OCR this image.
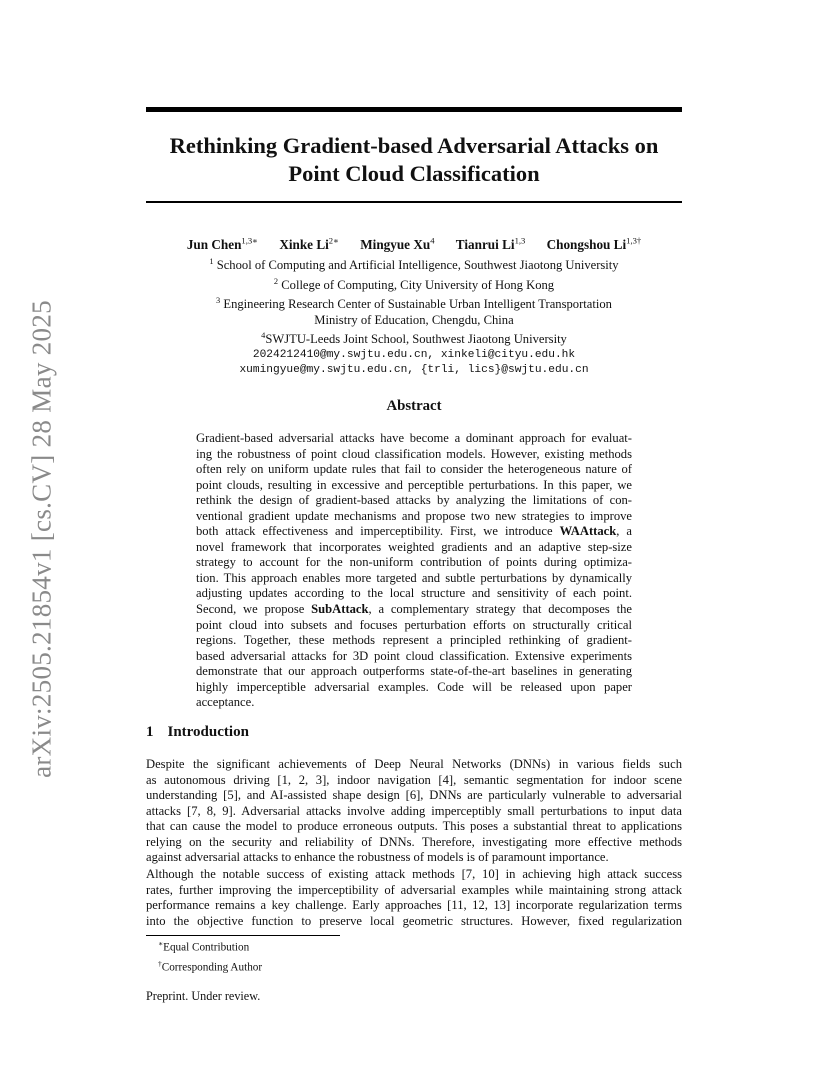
arXiv:2505.21854v1 [cs.CV] 28 May 2025
Rethinking Gradient-based Adversarial Attacks on
Point Cloud Classification
Jun Chen$^{1,3∗}$ Xinke $Li^{2∗}$ Mingyue Xu$^4$ Tianrui Li$^{1,3}$ Chongshou $Li^{1,3\dagger}$
$^1$ School of Computing and Artificial Intelligence, Southwest Jiaotong University
$^2$ College of Computing, City University of Hong Kong
$^3$ Engineering Research Center of Sustainable Urban Intelligent Transportation
Ministry of Education, Chengdu, China
$^4$SWJTU-Leeds Joint School, Southwest Jiaotong University
2024212410@my.swjtu.edu.cn, xinkeli@cityu.edu.hk
xumingyue@my.swjtu.edu.cn, {trli, lics}@swjtu.edu.cn
Abstract
Gradient-based adversarial attacks have become a dominant approach for evaluat-
ing the robustness of point cloud classification models. However, existing methods
often rely on uniform update rules that fail to consider the heterogeneous nature of
point clouds, resulting in excessive and perceptible perturbations. In this paper, we
rethink the design of gradient-based attacks by analyzing the limitations of con-
ventional gradient update mechanisms and propose two new strategies to improve
both attack effectiveness and imperceptibility. First, we introduce WAAttack, a
novel framework that incorporates weighted gradients and an adaptive step-size
strategy to account for the non-uniform contribution of points during optimiza-
tion. This approach enables more targeted and subtle perturbations by dynamically
adjusting updates according to the local structure and sensitivity of each point.
Second, we propose SubAttack, a complementary strategy that decomposes the
point cloud into subsets and focuses perturbation efforts on structurally critical
regions. Together, these methods represent a principled rethinking of gradient-
based adversarial attacks for 3D point cloud classification. Extensive experiments
demonstrate that our approach outperforms state-of-the-art baselines in generating
highly imperceptible adversarial examples. Code will be released upon paper
acceptance.
1 Introduction
Despite the significant achievements of Deep Neural Networks (DNNs) in various fields such
as autonomous driving [1, 2, 3], indoor navigation [4], semantic segmentation for indoor scene
understanding [5], and AI-assisted shape design [6], DNNs are particularly vulnerable to adversarial
attacks [7, 8, 9]. Adversarial attacks involve adding imperceptibly small perturbations to input data
that can cause the model to produce erroneous outputs. This poses a substantial threat to applications
relying on the security and reliability of DNNs. Therefore, investigating more effective methods
against adversarial attacks to enhance the robustness of models is of paramount importance.
Although the notable success of existing attack methods [7, 10] in achieving high attack success
rates, further improving the imperceptibility of adversarial examples while maintaining strong attack
performance remains a key challenge. Early approaches [11, 12, 13] incorporate regularization terms
into the objective function to preserve local geometric structures. However, fixed regularization
∗Equal Contribution
†Corresponding Author
Preprint. Under review.
